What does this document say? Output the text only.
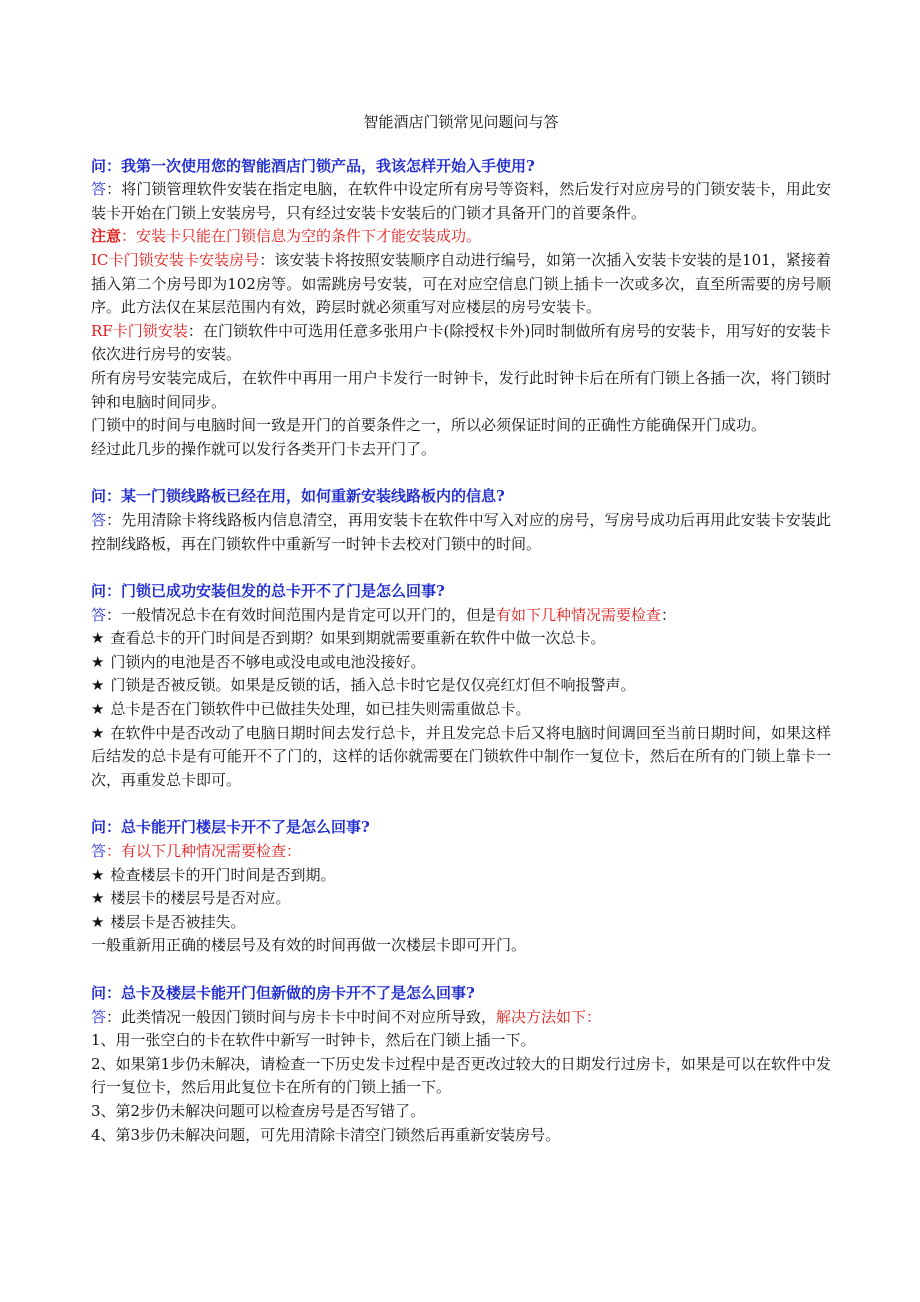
智能酒店门锁常见问题问与答

问：我第一次使用您的智能酒店门锁产品，我该怎样开始入手使用?

答：将门锁管理软件安装在指定电脑，在软件中设定所有房号等资料，然后发行对应房号的门锁安装卡，用此安装卡开始在门锁上安装房号，只有经过安装卡安装后的门锁才具备开门的首要条件。

注意：安装卡只能在门锁信息为空的条件下才能安装成功。

IC卡门锁安装卡安装房号：该安装卡将按照安装顺序自动进行编号，如第一次插入安装卡安装的是101，紧接着插入第二个房号即为102房等。如需跳房号安装，可在对应空信息门锁上插卡一次或多次，直至所需要的房号顺序。此方法仅在某层范围内有效，跨层时就必须重写对应楼层的房号安装卡。

RF卡门锁安装：在门锁软件中可选用任意多张用户卡(除授权卡外)同时制做所有房号的安装卡，用写好的安装卡依次进行房号的安装。

所有房号安装完成后，在软件中再用一用户卡发行一时钟卡，发行此时钟卡后在所有门锁上各插一次，将门锁时钟和电脑时间同步。

门锁中的时间与电脑时间一致是开门的首要条件之一，所以必须保证时间的正确性方能确保开门成功。

经过此几步的操作就可以发行各类开门卡去开门了。

问：某一门锁线路板已经在用，如何重新安装线路板内的信息?

答：先用清除卡将线路板内信息清空，再用安装卡在软件中写入对应的房号，写房号成功后再用此安装卡安装此控制线路板，再在门锁软件中重新写一时钟卡去校对门锁中的时间。

问：门锁已成功安装但发的总卡开不了门是怎么回事?

答：一般情况总卡在有效时间范围内是肯定可以开门的，但是有如下几种情况需要检查：

★ 查看总卡的开门时间是否到期？如果到期就需要重新在软件中做一次总卡。

★ 门锁内的电池是否不够电或没电或电池没接好。

★ 门锁是否被反锁。如果是反锁的话，插入总卡时它是仅仅亮红灯但不响报警声。

★ 总卡是否在门锁软件中已做挂失处理，如已挂失则需重做总卡。

★ 在软件中是否改动了电脑日期时间去发行总卡，并且发完总卡后又将电脑时间调回至当前日期时间，如果这样后结发的总卡是有可能开不了门的，这样的话你就需要在门锁软件中制作一复位卡，然后在所有的门锁上靠卡一次，再重发总卡即可。

问：总卡能开门楼层卡开不了是怎么回事?

答：有以下几种情况需要检查：

★ 检查楼层卡的开门时间是否到期。

★ 楼层卡的楼层号是否对应。

★ 楼层卡是否被挂失。

一般重新用正确的楼层号及有效的时间再做一次楼层卡即可开门。

问：总卡及楼层卡能开门但新做的房卡开不了是怎么回事?

答：此类情况一般因门锁时间与房卡卡中时间不对应所导致，解决方法如下：

1、用一张空白的卡在软件中新写一时钟卡，然后在门锁上插一下。

2、如果第1步仍未解决，请检查一下历史发卡过程中是否更改过较大的日期发行过房卡，如果是可以在软件中发行一复位卡，然后用此复位卡在所有的门锁上插一下。

3、第2步仍未解决问题可以检查房号是否写错了。

4、第3步仍未解决问题，可先用清除卡清空门锁然后再重新安装房号。
